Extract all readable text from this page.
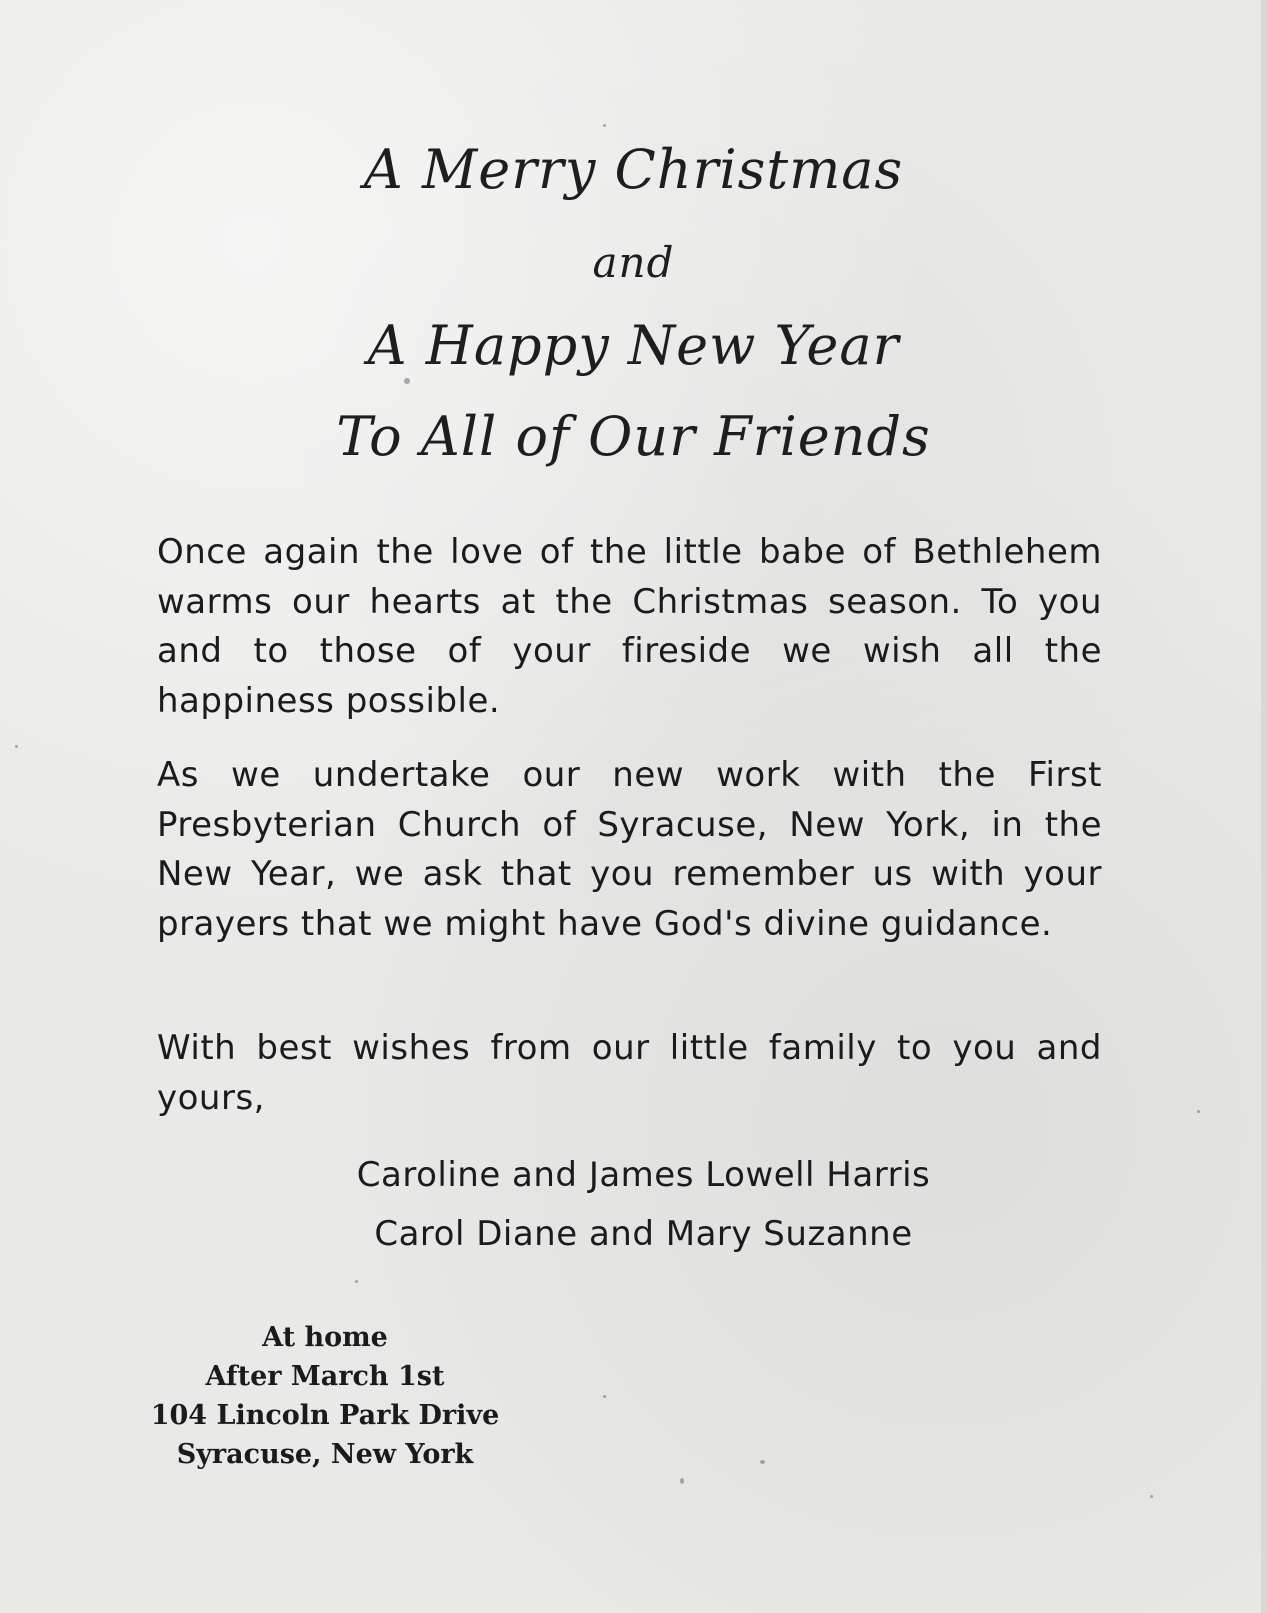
A Merry Christmas
and
A Happy New Year
To All of Our Friends

Once again the love of the little babe of Bethlehem warms our hearts at the Christmas season. To you and to those of your fireside we wish all the happiness possible.

As we undertake our new work with the First Presbyterian Church of Syracuse, New York, in the New Year, we ask that you remember us with your prayers that we might have God's divine guidance.

With best wishes from our little family to you and yours,

Caroline and James Lowell Harris
Carol Diane and Mary Suzanne
At home
After March 1st
104 Lincoln Park Drive
Syracuse, New York
